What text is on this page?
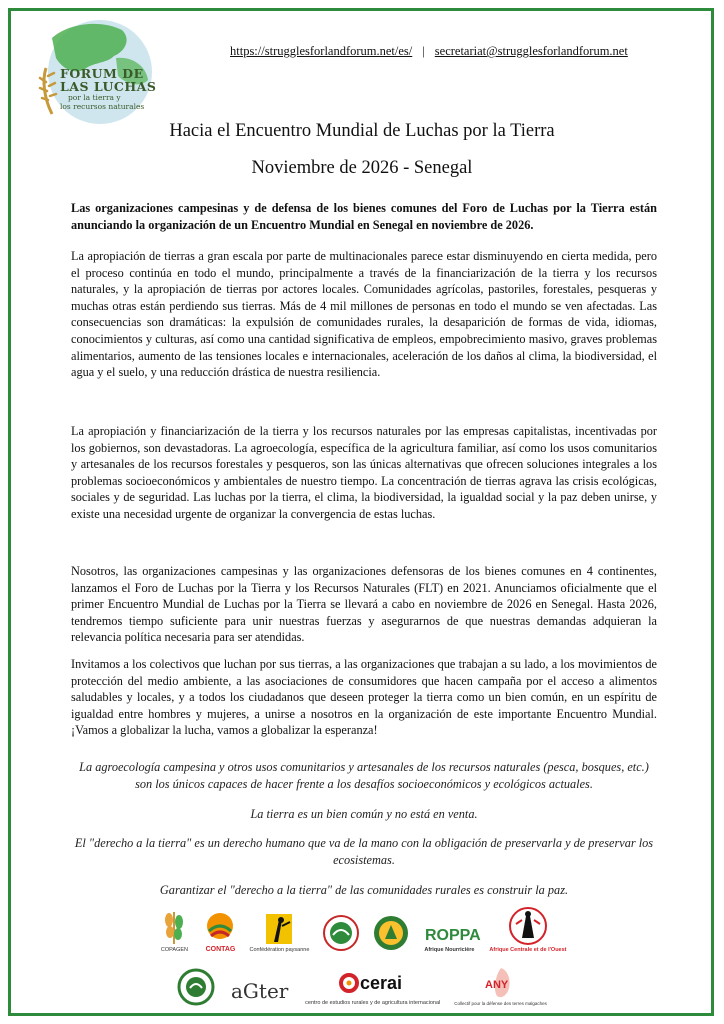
FORUM DE
LAS LUCHAS
por la tierra y
los recursos naturales
https://strugglesforlandforum.net/es/ | secretariat@strugglesforlandforum.net
Hacia el Encuentro Mundial de Luchas por la Tierra
Noviembre de 2026 - Senegal
Las organizaciones campesinas y de defensa de los bienes comunes del Foro de Luchas por la Tierra están anunciando la organización de un Encuentro Mundial en Senegal en noviembre de 2026.
La apropiación de tierras a gran escala por parte de multinacionales parece estar disminuyendo en cierta medida, pero el proceso continúa en todo el mundo, principalmente a través de la financiarización de la tierra y los recursos naturales, y la apropiación de tierras por actores locales. Comunidades agrícolas, pastoriles, forestales, pesqueras y muchas otras están perdiendo sus tierras. Más de 4 mil millones de personas en todo el mundo se ven afectadas. Las consecuencias son dramáticas: la expulsión de comunidades rurales, la desaparición de formas de vida, idiomas, conocimientos y culturas, así como una cantidad significativa de empleos, empobrecimiento masivo, graves problemas alimentarios, aumento de las tensiones locales e internacionales, aceleración de los daños al clima, la biodiversidad, el agua y el suelo, y una reducción drástica de nuestra resiliencia.
La apropiación y financiarización de la tierra y los recursos naturales por las empresas capitalistas, incentivadas por los gobiernos, son devastadoras. La agroecología, específica de la agricultura familiar, así como los usos comunitarios y artesanales de los recursos forestales y pesqueros, son las únicas alternativas que ofrecen soluciones integrales a los problemas socioeconómicos y ambientales de nuestro tiempo. La concentración de tierras agrava las crisis ecológicas, sociales y de seguridad. Las luchas por la tierra, el clima, la biodiversidad, la igualdad social y la paz deben unirse, y existe una necesidad urgente de organizar la convergencia de estas luchas.
Nosotros, las organizaciones campesinas y las organizaciones defensoras de los bienes comunes en 4 continentes, lanzamos el Foro de Luchas por la Tierra y los Recursos Naturales (FLT) en 2021. Anunciamos oficialmente que el primer Encuentro Mundial de Luchas por la Tierra se llevará a cabo en noviembre de 2026 en Senegal. Hasta 2026, tendremos tiempo suficiente para unir nuestras fuerzas y asegurarnos de que nuestras demandas adquieran la relevancia política necesaria para ser atendidas.
Invitamos a los colectivos que luchan por sus tierras, a las organizaciones que trabajan a su lado, a los movimientos de protección del medio ambiente, a las asociaciones de consumidores que hacen campaña por el acceso a alimentos saludables y locales, y a todos los ciudadanos que deseen proteger la tierra como un bien común, en un espíritu de igualdad entre hombres y mujeres, a unirse a nosotros en la organización de este importante Encuentro Mundial. ¡Vamos a globalizar la lucha, vamos a globalizar la esperanza!
La agroecología campesina y otros usos comunitarios y artesanales de los recursos naturales (pesca, bosques, etc.) son los únicos capaces de hacer frente a los desafíos socioeconómicos y ecológicos actuales.
La tierra es un bien común y no está en venta.
El "derecho a la tierra" es un derecho humano que va de la mano con la obligación de preservarla y de preservar los ecosistemas.
Garantizar el "derecho a la tierra" de las comunidades rurales es construir la paz.
COPAGEN	CONTAG	Confédération paysanne
ROPPA
Afrique Nourricière	Afrique Centrale et de l'Ouest
aGter	cerai
centro de estudios rurales y de agricultura internacional
ANY
Collectif pour la défense des terres malgaches
